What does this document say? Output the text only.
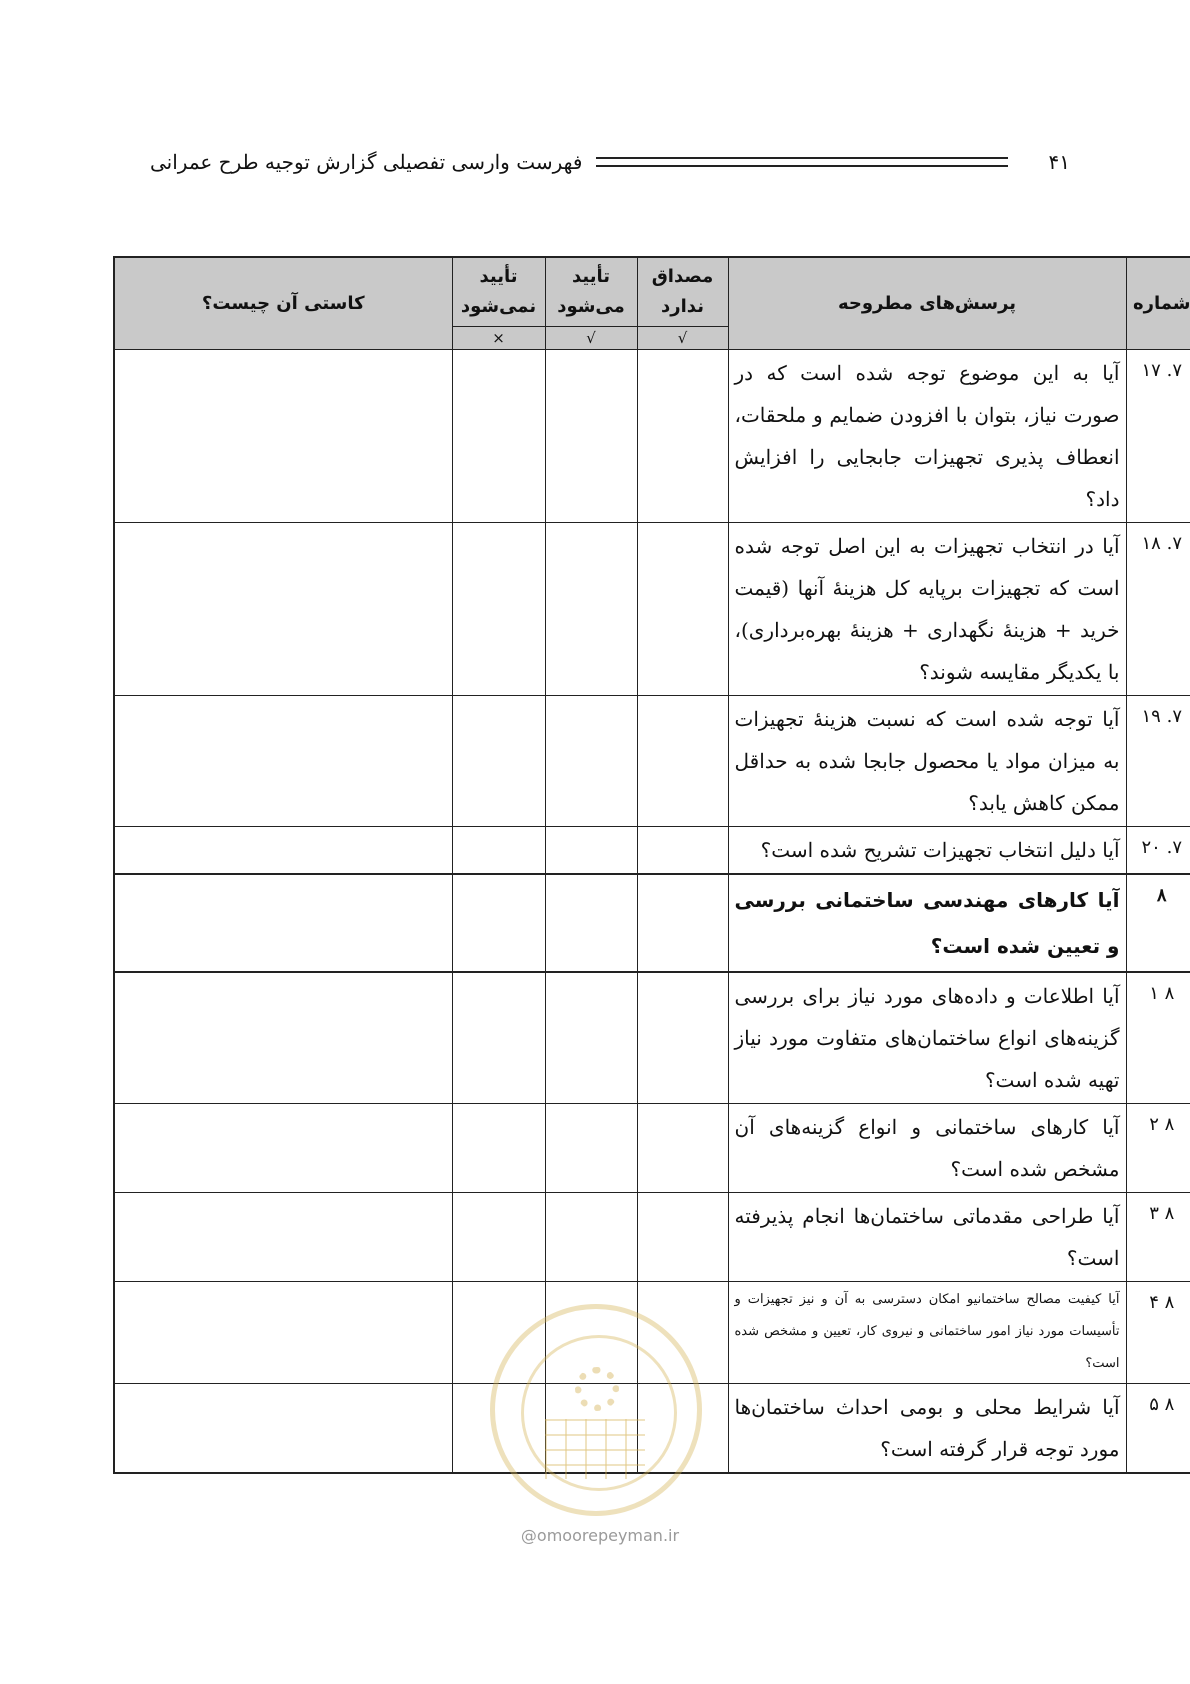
۴۱
فهرست وارسی تفصیلی گزارش توجیه طرح عمرانی
شماره	پرسش‌های مطروحه	مصداق ندارد	تأیید می‌شود	تأیید نمی‌شود	کاستی آن چیست؟
		√	√	×	
۷. ۱۷	آیا به این موضوع توجه شده است که در صورت نیاز، بتوان با افزودن ضمایم و ملحقات، انعطاف پذیری تجهیزات جابجایی را افزایش داد؟				
۷. ۱۸	آیا در انتخاب تجهیزات به این اصل توجه شده است که تجهیزات برپایه کل هزینهٔ آنها (قیمت خرید + هزینهٔ نگهداری + هزینهٔ بهره‌برداری)، با یکدیگر مقایسه شوند؟				
۷. ۱۹	آیا توجه شده است که نسبت هزینهٔ تجهیزات به میزان مواد یا محصول جابجا شده به حداقل ممکن کاهش یابد؟				
۷. ۲۰	آیا دلیل انتخاب تجهیزات تشریح شده است؟				
۸	آیا کارهای مهندسی ساختمانی بررسی و تعیین شده است؟				
۸ ۱	آیا اطلاعات و داده‌های مورد نیاز برای بررسی گزینه‌های انواع ساختمان‌های متفاوت مورد نیاز تهیه شده است؟				
۸ ۲	آیا کارهای ساختمانی و انواع گزینه‌های آن مشخص شده است؟				
۸ ۳	آیا طراحی مقدماتی ساختمان‌ها انجام پذیرفته است؟				
۸ ۴	آیا کیفیت مصالح ساختمانیو امکان دسترسی به آن و نیز تجهیزات و تأسیسات مورد نیاز امور ساختمانی و نیروی کار، تعیین و مشخص شده است؟				
۸ ۵	آیا شرایط محلی و بومی احداث ساختمان‌ها مورد توجه قرار گرفته است؟				
@omoorepeyman.ir
